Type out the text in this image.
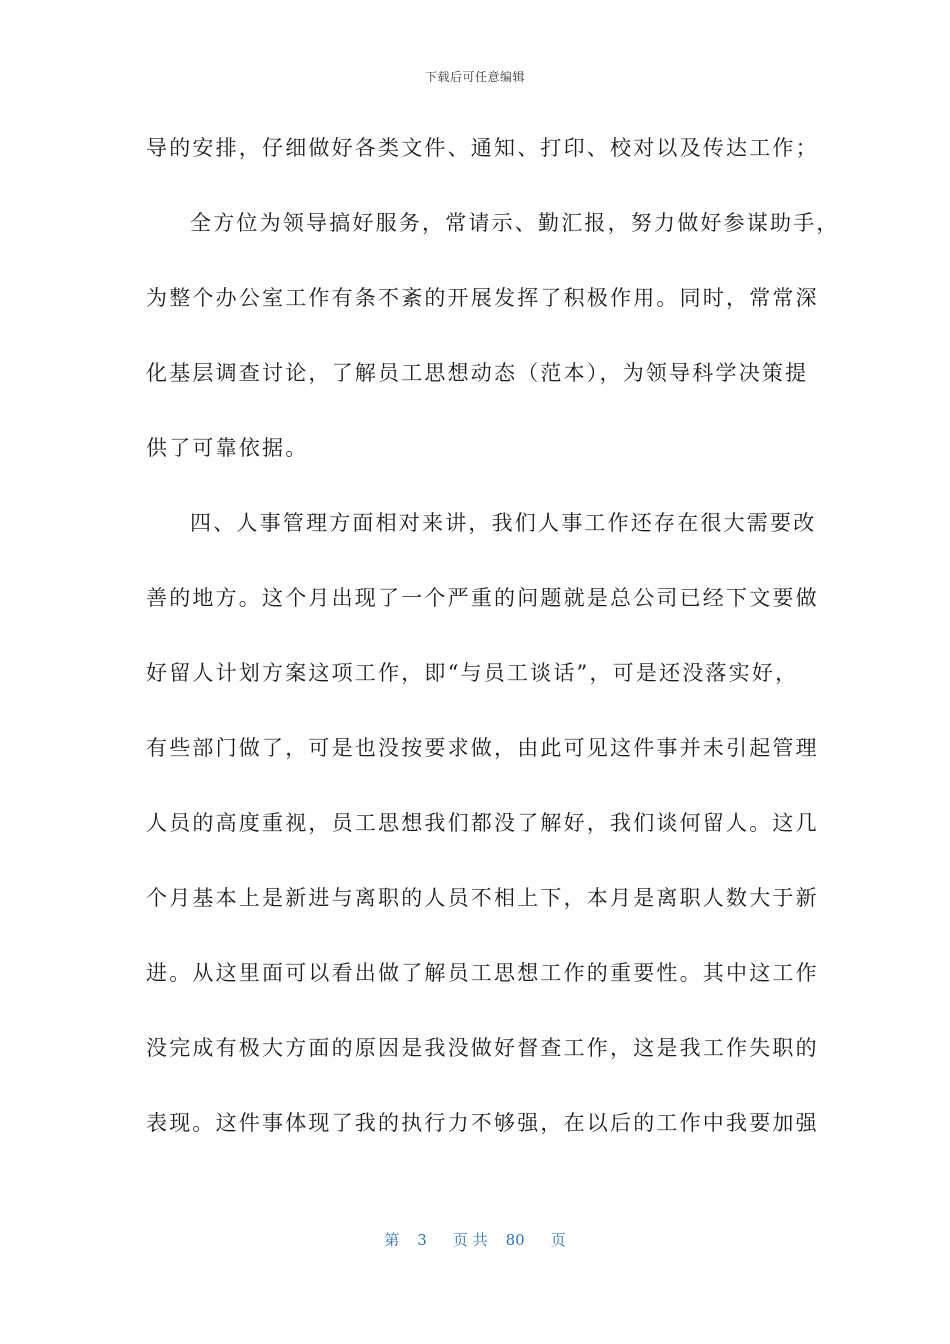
下载后可任意编辑

导的安排，仔细做好各类文件、通知、打印、校对以及传达工作；

全方位为领导搞好服务，常请示、勤汇报，努力做好参谋助手，

为整个办公室工作有条不紊的开展发挥了积极作用。同时，常常深

化基层调查讨论，了解员工思想动态（范本），为领导科学决策提

供了可靠依据。

四、人事管理方面相对来讲，我们人事工作还存在很大需要改

善的地方。这个月出现了一个严重的问题就是总公司已经下文要做

好留人计划方案这项工作，即“与员工谈话”，可是还没落实好，

有些部门做了，可是也没按要求做，由此可见这件事并未引起管理

人员的高度重视，员工思想我们都没了解好，我们谈何留人。这几

个月基本上是新进与离职的人员不相上下，本月是离职人数大于新

进。从这里面可以看出做了解员工思想工作的重要性。其中这工作

没完成有极大方面的原因是我没做好督查工作，这是我工作失职的

表现。这件事体现了我的执行力不够强，在以后的工作中我要加强

第 3 页 共 80 页
